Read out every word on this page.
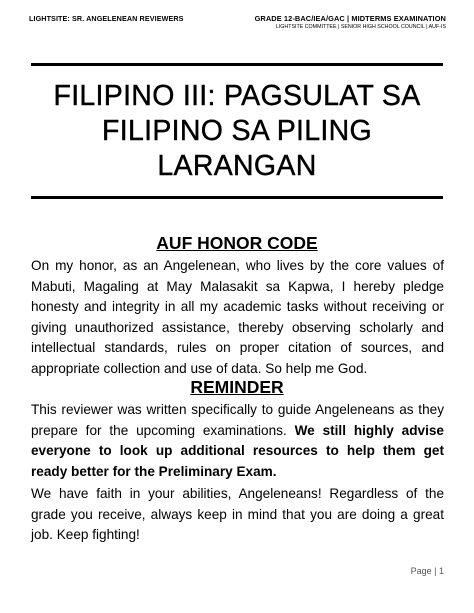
LIGHTSITE: SR. ANGELENEAN REVIEWERS	GRADE 12-BAC/IEA/GAC | MIDTERMS EXAMINATION
LIGHTSITE COMMITTEE | SENIOR HIGH SCHOOL COUNCIL | AUF-IS
FILIPINO III: PAGSULAT SA
FILIPINO SA PILING
LARANGAN
AUF HONOR CODE

On my honor, as an Angelenean, who lives by the core values of Mabuti, Magaling at May Malasakit sa Kapwa, I hereby pledge honesty and integrity in all my academic tasks without receiving or giving unauthorized assistance, thereby observing scholarly and intellectual standards, rules on proper citation of sources, and appropriate collection and use of data. So help me God.

REMINDER

This reviewer was written specifically to guide Angeleneans as they prepare for the upcoming examinations. We still highly advise everyone to look up additional resources to help them get ready better for the Preliminary Exam.

We have faith in your abilities, Angeleneans! Regardless of the grade you receive, always keep in mind that you are doing a great job. Keep fighting!

Page | 1
